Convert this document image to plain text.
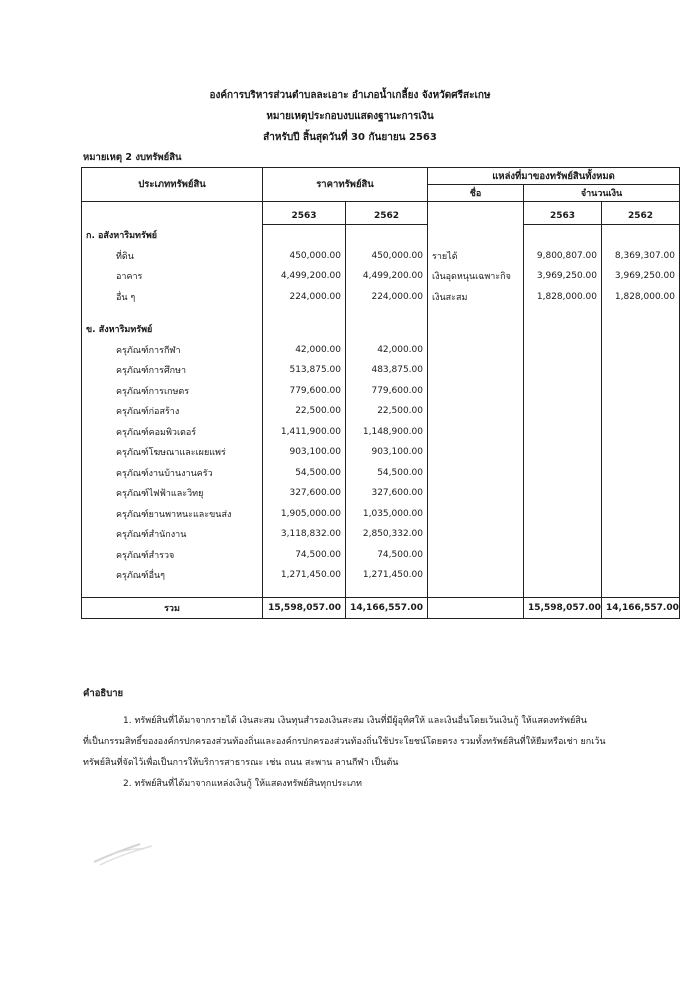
องค์การบริหารส่วนตำบลละเอาะ อำเภอน้ำเกลี้ยง จังหวัดศรีสะเกษ
หมายเหตุประกอบงบแสดงฐานะการเงิน
สำหรับปี สิ้นสุดวันที่ 30 กันยายน 2563
หมายเหตุ 2 งบทรัพย์สิน
ประเภททรัพย์สิน	ราคาทรัพย์สิน		แหล่งที่มาของทรัพย์สินทั้งหมด		
			ชื่อ	จำนวนเงิน	

	2563	2562		2563	2562
ก. อสังหาริมทรัพย์					
ที่ดิน	450,000.00	450,000.00	รายได้	9,800,807.00	8,369,307.00
อาคาร	4,499,200.00	4,499,200.00	เงินอุดหนุนเฉพาะกิจ	3,969,250.00	3,969,250.00
อื่น ๆ	224,000.00	224,000.00	เงินสะสม	1,828,000.00	1,828,000.00

ข. สังหาริมทรัพย์					
ครุภัณฑ์การกีฬา	42,000.00	42,000.00			
ครุภัณฑ์การศึกษา	513,875.00	483,875.00			
ครุภัณฑ์การเกษตร	779,600.00	779,600.00			
ครุภัณฑ์ก่อสร้าง	22,500.00	22,500.00			
ครุภัณฑ์คอมพิวเตอร์	1,411,900.00	1,148,900.00			
ครุภัณฑ์โฆษณาและเผยแพร่	903,100.00	903,100.00			
ครุภัณฑ์งานบ้านงานครัว	54,500.00	54,500.00			
ครุภัณฑ์ไฟฟ้าและวิทยุ	327,600.00	327,600.00			
ครุภัณฑ์ยานพาหนะและขนส่ง	1,905,000.00	1,035,000.00			
ครุภัณฑ์สำนักงาน	3,118,832.00	2,850,332.00			
ครุภัณฑ์สำรวจ	74,500.00	74,500.00			
ครุภัณฑ์อื่นๆ	1,271,450.00	1,271,450.00			

รวม	15,598,057.00	14,166,557.00		15,598,057.00	14,166,557.00
คำอธิบาย
1. ทรัพย์สินที่ได้มาจากรายได้ เงินสะสม เงินทุนสำรองเงินสะสม เงินที่มีผู้อุทิศให้ และเงินอื่นโดยเว้นเงินกู้ ให้แสดงทรัพย์สิน
ที่เป็นกรรมสิทธิ์ขององค์กรปกครองส่วนท้องถิ่นและองค์กรปกครองส่วนท้องถิ่นใช้ประโยชน์โดยตรง รวมทั้งทรัพย์สินที่ให้ยืมหรือเช่า ยกเว้น
ทรัพย์สินที่จัดไว้เพื่อเป็นการให้บริการสาธารณะ เช่น ถนน สะพาน ลานกีฬา เป็นต้น
2. ทรัพย์สินที่ได้มาจากแหล่งเงินกู้ ให้แสดงทรัพย์สินทุกประเภท
